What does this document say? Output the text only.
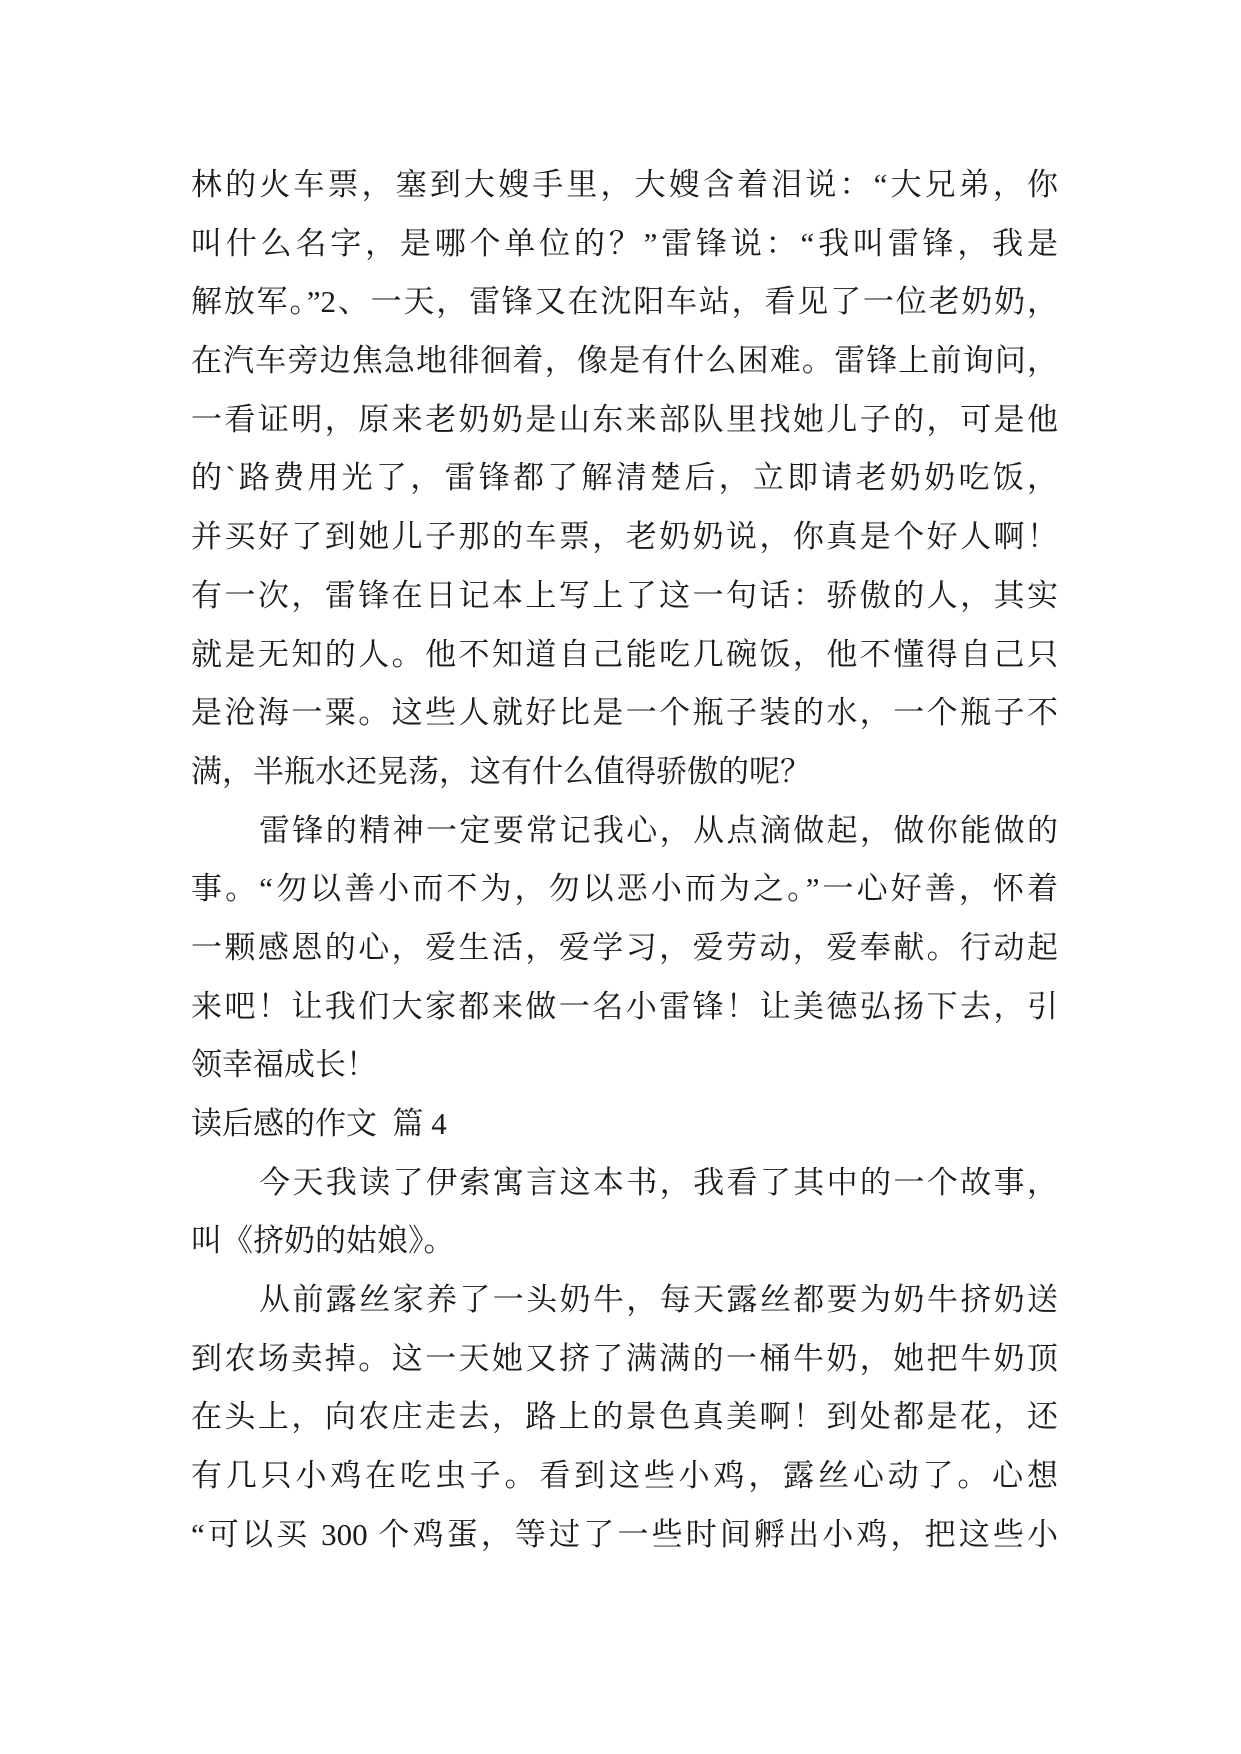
林的火车票，塞到大嫂手里，大嫂含着泪说：“大兄弟，你
叫什么名字，是哪个单位的？”雷锋说：“我叫雷锋，我是
解放军。”2、一天，雷锋又在沈阳车站，看见了一位老奶奶，
在汽车旁边焦急地徘徊着，像是有什么困难。雷锋上前询问，
一看证明，原来老奶奶是山东来部队里找她儿子的，可是他
的`路费用光了，雷锋都了解清楚后，立即请老奶奶吃饭，
并买好了到她儿子那的车票，老奶奶说，你真是个好人啊！
有一次，雷锋在日记本上写上了这一句话：骄傲的人，其实
就是无知的人。他不知道自己能吃几碗饭，他不懂得自己只
是沧海一粟。这些人就好比是一个瓶子装的水，一个瓶子不
满，半瓶水还晃荡，这有什么值得骄傲的呢？
雷锋的精神一定要常记我心，从点滴做起，做你能做的
事。“勿以善小而不为，勿以恶小而为之。”一心好善，怀着
一颗感恩的心，爱生活，爱学习，爱劳动，爱奉献。行动起
来吧！让我们大家都来做一名小雷锋！让美德弘扬下去，引
领幸福成长！
读后感的作文  篇 4
今天我读了伊索寓言这本书，我看了其中的一个故事，
叫《挤奶的姑娘》。
从前露丝家养了一头奶牛，每天露丝都要为奶牛挤奶送
到农场卖掉。这一天她又挤了满满的一桶牛奶，她把牛奶顶
在头上，向农庄走去，路上的景色真美啊！到处都是花，还
有几只小鸡在吃虫子。看到这些小鸡，露丝心动了。心想
“可以买 300 个鸡蛋，等过了一些时间孵出小鸡，把这些小
